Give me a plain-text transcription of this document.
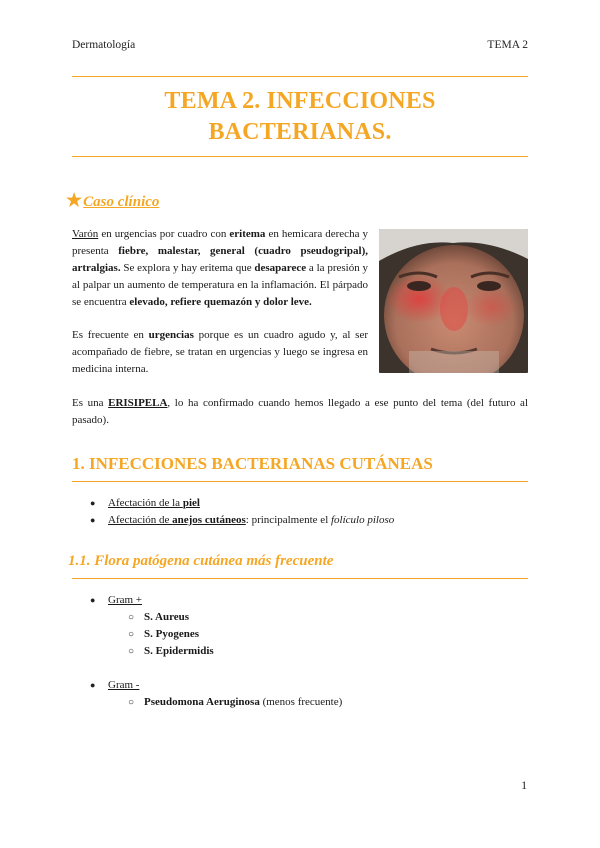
Dermatología	TEMA 2
TEMA 2. INFECCIONES
BACTERIANAS.
★Caso clínico
Varón en urgencias por cuadro con eritema en hemicara derecha y presenta fiebre, malestar, general (cuadro pseudogripal), artralgias. Se explora y hay eritema que desaparece a la presión y al palpar un aumento de temperatura en la inflamación. El párpado se encuentra elevado, refiere quemazón y dolor leve.
Es frecuente en urgencias porque es un cuadro agudo y, al ser acompañado de fiebre, se tratan en urgencias y luego se ingresa en medicina interna.
Es una ERISIPELA, lo ha confirmado cuando hemos llegado a ese punto del tema (del futuro al pasado).
1. INFECCIONES BACTERIANAS CUTÁNEAS
● Afectación de la piel
● Afectación de anejos cutáneos: principalmente el folículo piloso
1.1. Flora patógena cutánea más frecuente
● Gram +
○ S. Aureus
○ S. Pyogenes
○ S. Epidermidis
● Gram -
○ Pseudomona Aeruginosa (menos frecuente)
1
